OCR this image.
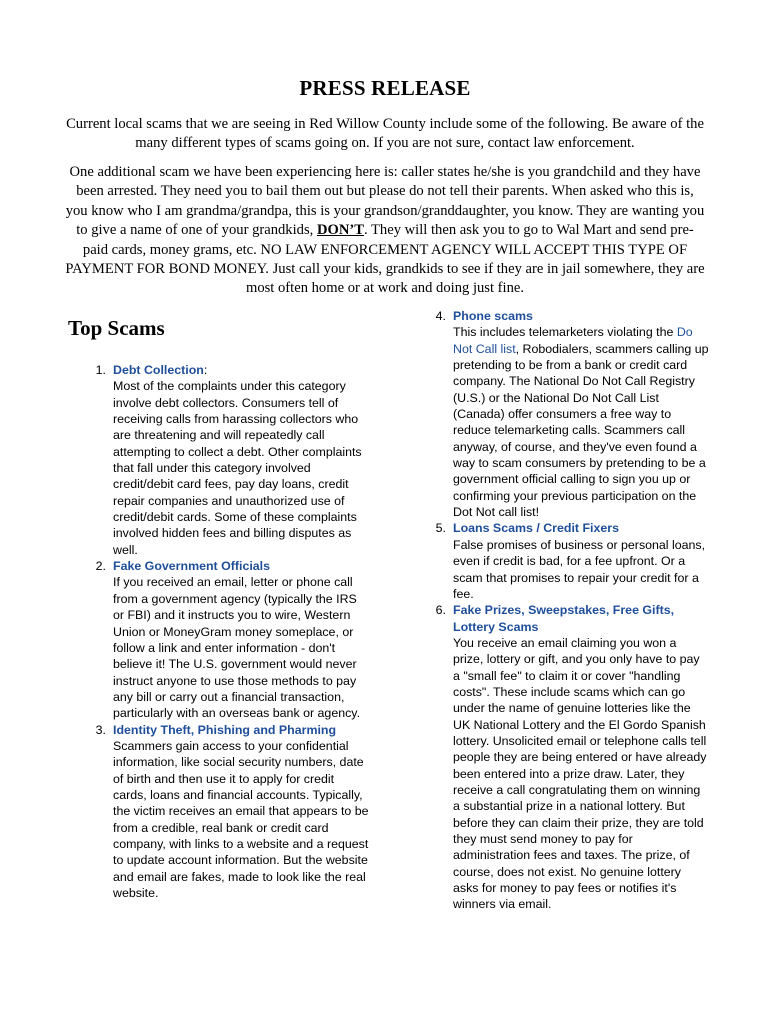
PRESS RELEASE

Current local scams that we are seeing in Red Willow County include some of the following. Be aware of the many different types of scams going on. If you are not sure, contact law enforcement.

One additional scam we have been experiencing here is: caller states he/she is you grandchild and they have been arrested. They need you to bail them out but please do not tell their parents. When asked who this is, you know who I am grandma/grandpa, this is your grandson/granddaughter, you know. They are wanting you to give a name of one of your grandkids, DON’T. They will then ask you to go to Wal Mart and send pre-paid cards, money grams, etc. NO LAW ENFORCEMENT AGENCY WILL ACCEPT THIS TYPE OF PAYMENT FOR BOND MONEY. Just call your kids, grandkids to see if they are in jail somewhere, they are most often home or at work and doing just fine.

Top Scams
1. Debt Collection:
Most of the complaints under this category involve debt collectors. Consumers tell of receiving calls from harassing collectors who are threatening and will repeatedly call attempting to collect a debt. Other complaints that fall under this category involved credit/debit card fees, pay day loans, credit repair companies and unauthorized use of credit/debit cards. Some of these complaints involved hidden fees and billing disputes as well.
2. Fake Government Officials
If you received an email, letter or phone call from a government agency (typically the IRS or FBI) and it instructs you to wire, Western Union or MoneyGram money someplace, or follow a link and enter information - don't believe it! The U.S. government would never instruct anyone to use those methods to pay any bill or carry out a financial transaction, particularly with an overseas bank or agency.
3. Identity Theft, Phishing and Pharming
Scammers gain access to your confidential information, like social security numbers, date of birth and then use it to apply for credit cards, loans and financial accounts. Typically, the victim receives an email that appears to be from a credible, real bank or credit card company, with links to a website and a request to update account information. But the website and email are fakes, made to look like the real website.
4. Phone scams
This includes telemarketers violating the Do Not Call list, Robodialers, scammers calling up pretending to be from a bank or credit card company. The National Do Not Call Registry (U.S.) or the National Do Not Call List (Canada) offer consumers a free way to reduce telemarketing calls. Scammers call anyway, of course, and they've even found a way to scam consumers by pretending to be a government official calling to sign you up or confirming your previous participation on the Dot Not call list!
5. Loans Scams / Credit Fixers
False promises of business or personal loans, even if credit is bad, for a fee upfront. Or a scam that promises to repair your credit for a fee.
6. Fake Prizes, Sweepstakes, Free Gifts, Lottery Scams
You receive an email claiming you won a prize, lottery or gift, and you only have to pay a "small fee" to claim it or cover "handling costs". These include scams which can go under the name of genuine lotteries like the UK National Lottery and the El Gordo Spanish lottery. Unsolicited email or telephone calls tell people they are being entered or have already been entered into a prize draw. Later, they receive a call congratulating them on winning a substantial prize in a national lottery. But before they can claim their prize, they are told they must send money to pay for administration fees and taxes. The prize, of course, does not exist. No genuine lottery asks for money to pay fees or notifies it's winners via email.
